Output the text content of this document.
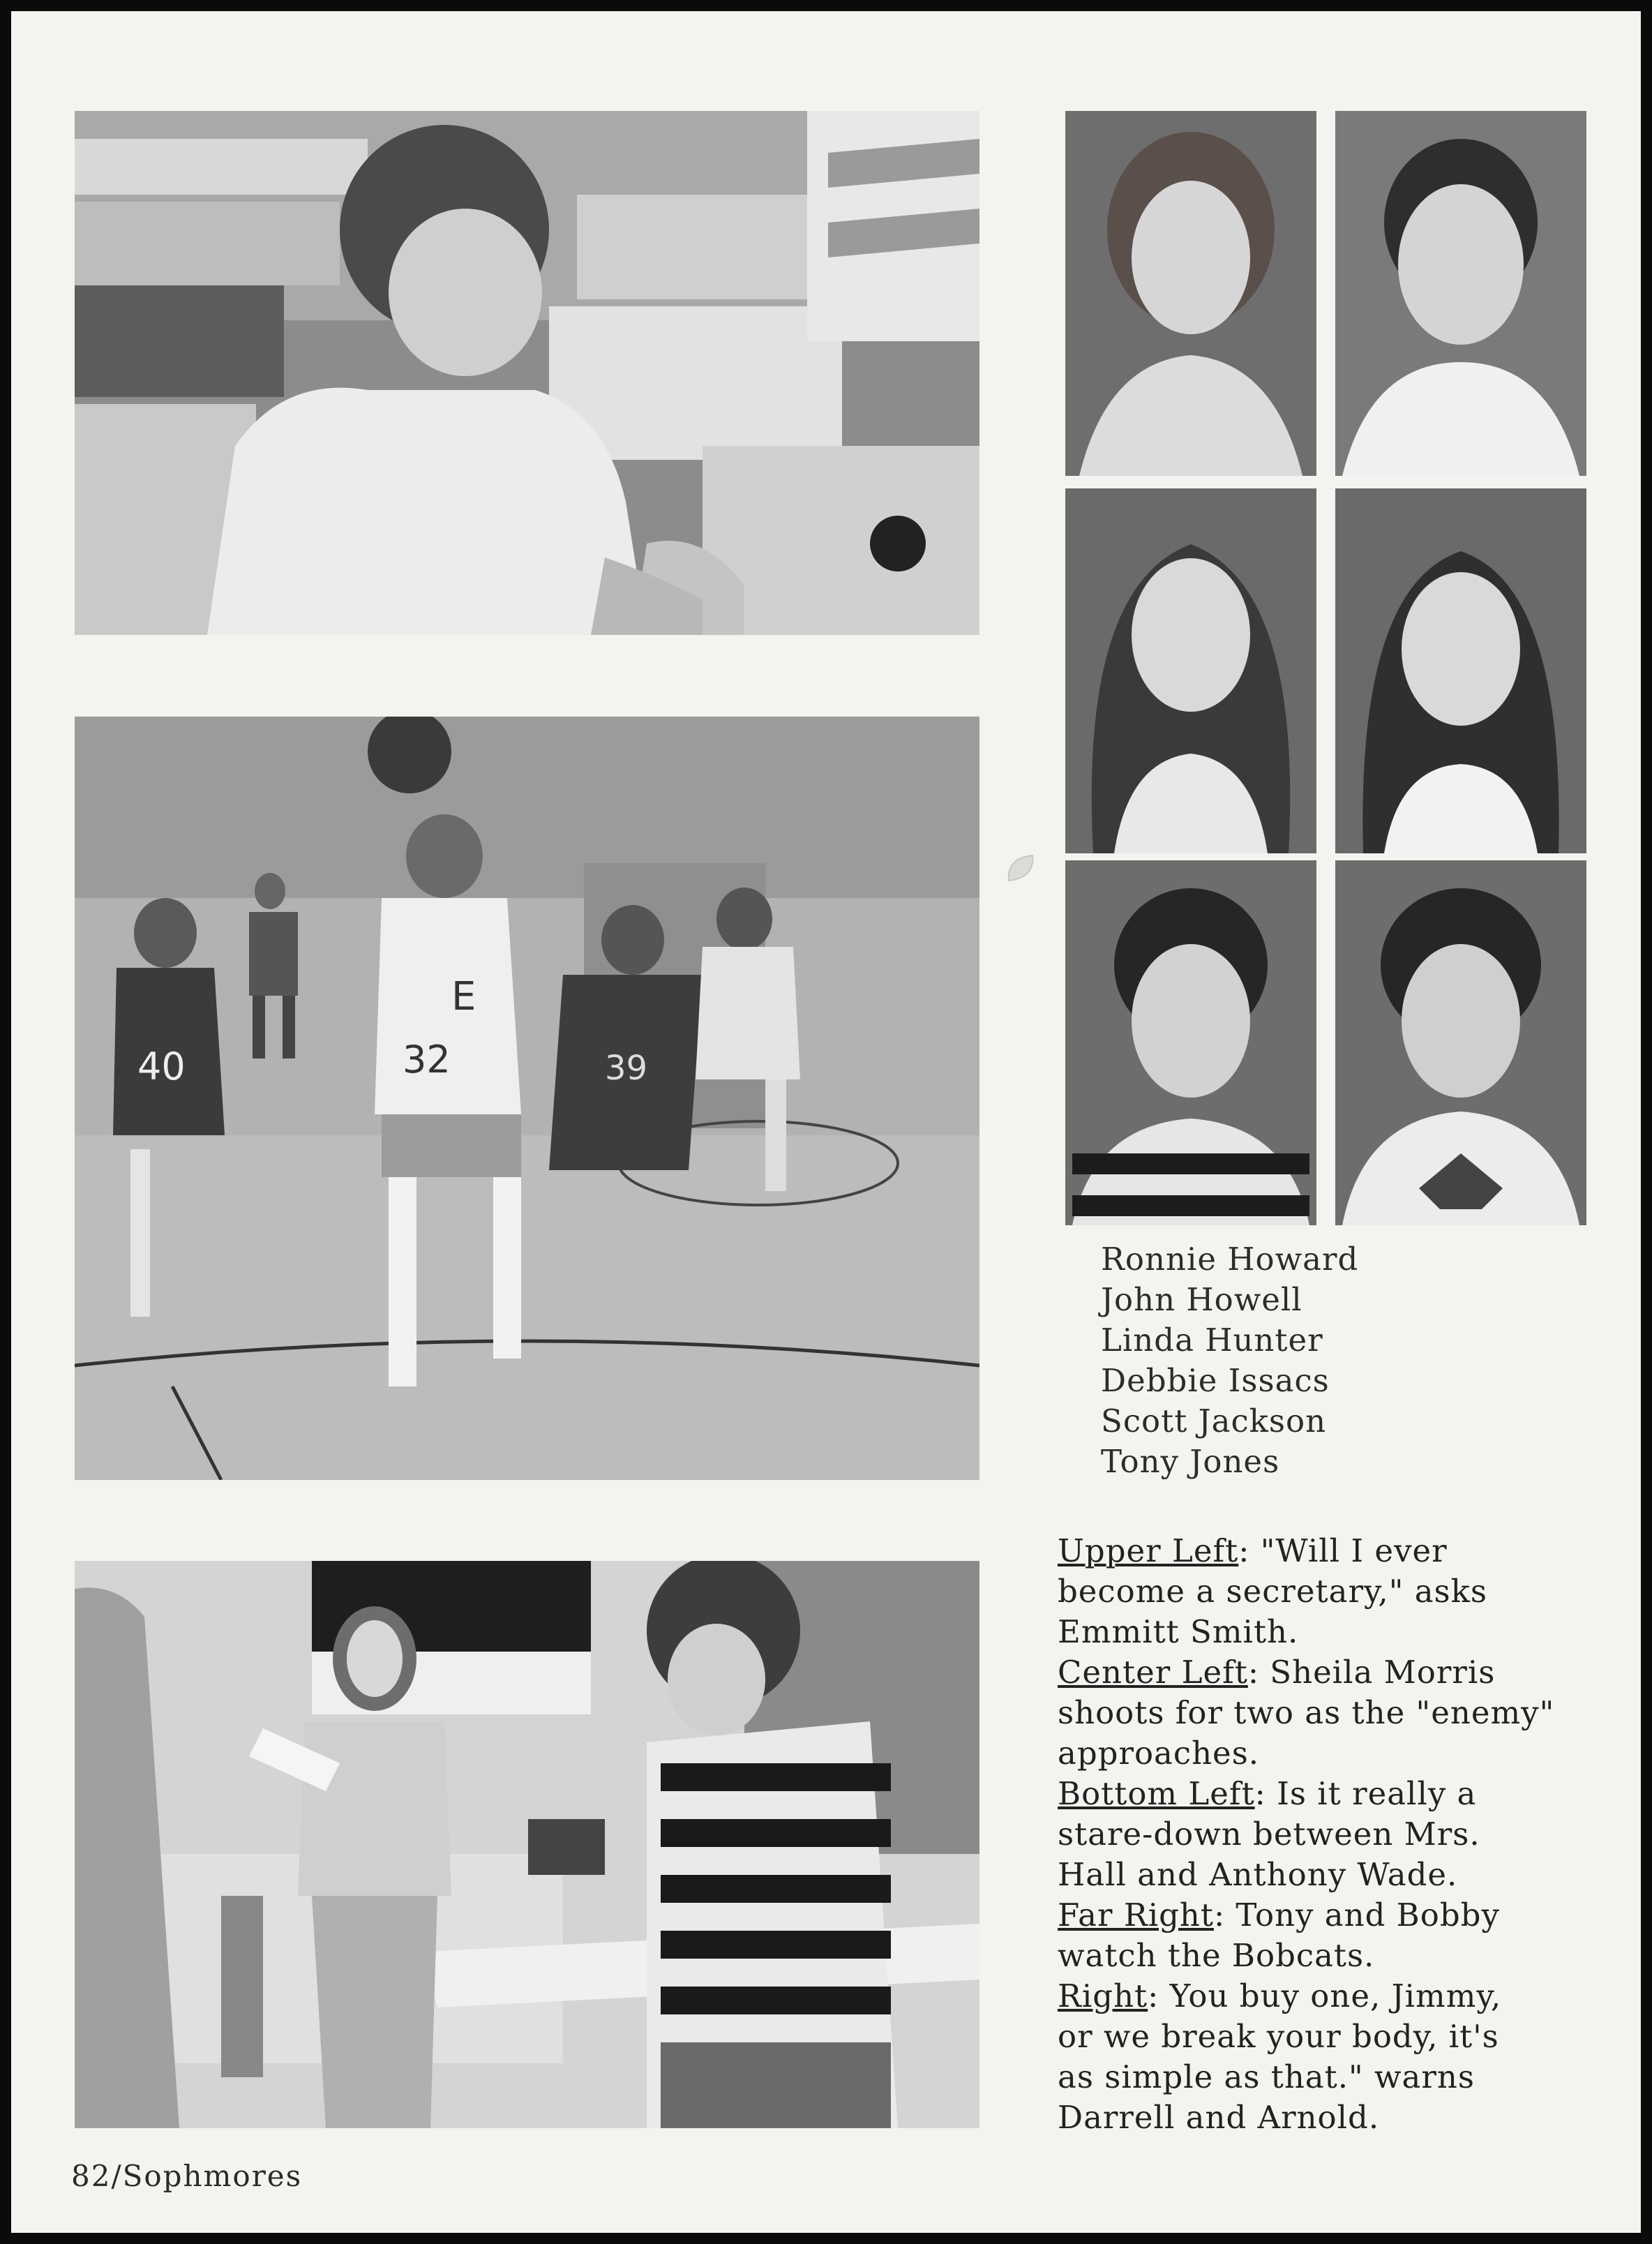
40
E
32	39
Ronnie Howard
John Howell
Linda Hunter
Debbie Issacs
Scott Jackson
Tony Jones
Upper Left: "Will I ever
become a secretary," asks
Emmitt Smith.
Center Left: Sheila Morris
shoots for two as the "enemy"
approaches.
Bottom Left: Is it really a
stare-down between Mrs.
Hall and Anthony Wade.
Far Right: Tony and Bobby
watch the Bobcats.
Right: You buy one, Jimmy,
or we break your body, it's
as simple as that." warns
Darrell and Arnold.
82/Sophmores
